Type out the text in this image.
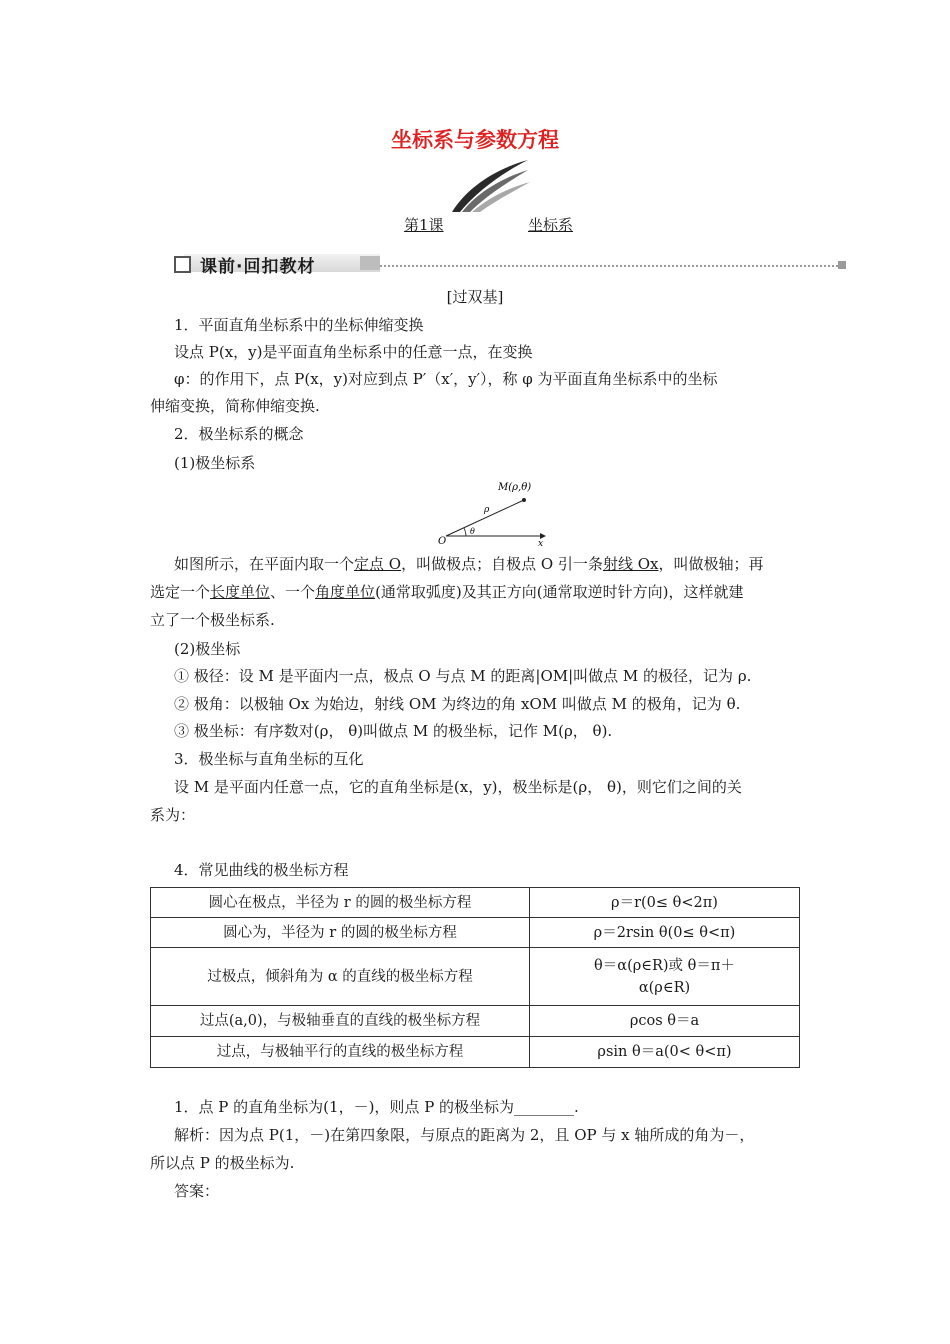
坐标系与参数方程
第1课	坐标系
课前·回扣教材
[过双基]
1．平面直角坐标系中的坐标伸缩变换
设点 P(x，y)是平面直角坐标系中的任意一点，在变换
φ：的作用下，点 P(x，y)对应到点 P′（x′，y′），称 φ 为平面直角坐标系中的坐标
伸缩变换，简称伸缩变换.
2．极坐标系的概念
(1)极坐标系
M(ρ,θ)
ρ
θ
O	x
如图所示，在平面内取一个定点 O，叫做极点；自极点 O 引一条射线 Ox，叫做极轴；再
选定一个长度单位、一个角度单位(通常取弧度)及其正方向(通常取逆时针方向)，这样就建
立了一个极坐标系.
(2)极坐标
① 极径：设 M 是平面内一点，极点 O 与点 M 的距离|OM|叫做点 M 的极径，记为 ρ.
② 极角：以极轴 Ox 为始边，射线 OM 为终边的角 xOM 叫做点 M 的极角，记为 θ.
③ 极坐标：有序数对(ρ， θ)叫做点 M 的极坐标，记作 M(ρ， θ).
3．极坐标与直角坐标的互化
设 M 是平面内任意一点，它的直角坐标是(x，y)，极坐标是(ρ， θ)，则它们之间的关
系为：
4．常见曲线的极坐标方程
圆心在极点，半径为 r 的圆的极坐标方程	ρ＝r(0≤ θ<2π)
圆心为，半径为 r 的圆的极坐标方程	ρ＝2rsin θ(0≤ θ<π)
过极点，倾斜角为 α 的直线的极坐标方程	θ＝α(ρ∈R)或 θ＝π＋
α(ρ∈R)

过点(a,0)，与极轴垂直的直线的极坐标方程	ρcos θ＝a
过点，与极轴平行的直线的极坐标方程	ρsin θ＝a(0< θ<π)
1．点 P 的直角坐标为(1，－)，则点 P 的极坐标为________.
解析：因为点 P(1，－)在第四象限，与原点的距离为 2，且 OP 与 x 轴所成的角为－，
所以点 P 的极坐标为.
答案：
